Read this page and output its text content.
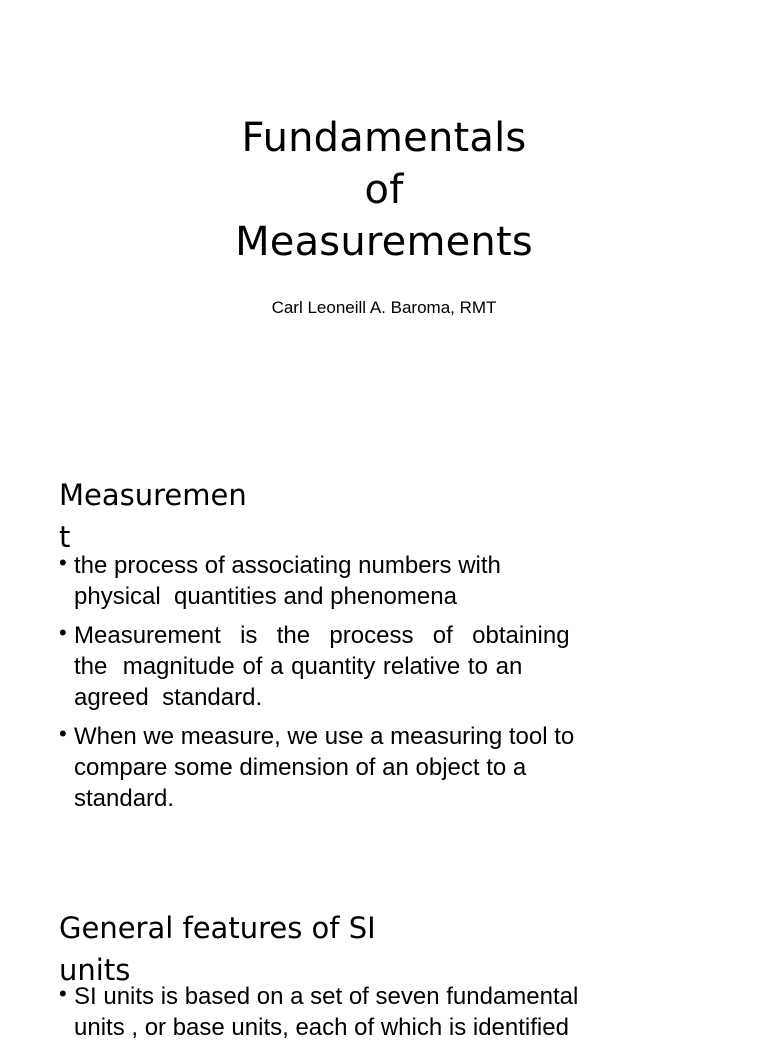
Fundamentals
of
Measurements
Carl Leoneill A. Baroma, RMT
Measuremen
t
• the process of associating numbers with
physical  quantities and phenomena
• Measurement  is  the  process  of  obtaining
the  magnitude of a quantity relative to an
agreed  standard.
• When we measure, we use a measuring tool to
compare some dimension of an object to a
standard.
General features of SI
units
• SI units is based on a set of seven fundamental
units , or base units, each of which is identified
